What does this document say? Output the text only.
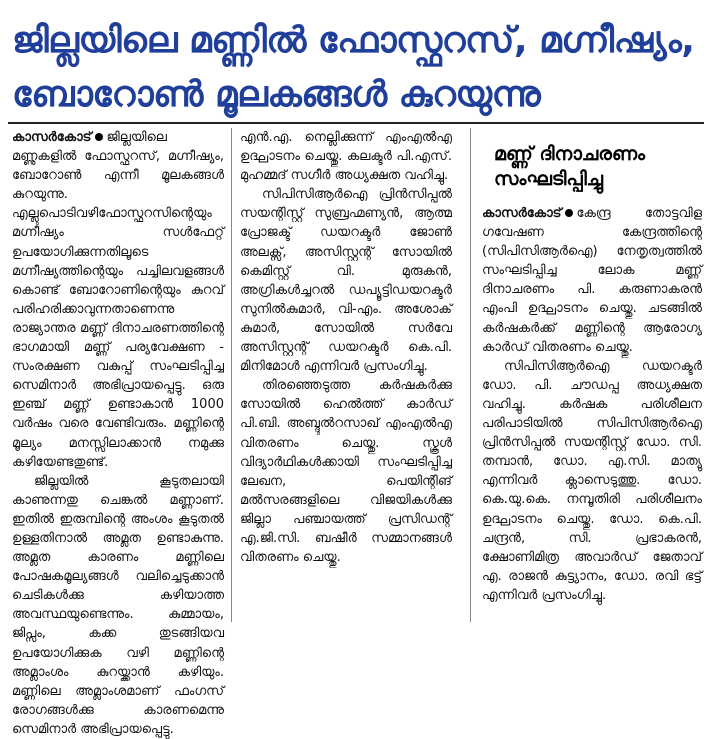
ജില്ലയിലെ മണ്ണിൽ ഫോസ്ഫറസ്, മഗ്നീഷ്യം,
ബോറോൺ മൂലകങ്ങൾ കുറയുന്നു

കാസർകോട് ജില്ലയിലെ മണ്ണുകളിൽ ഫോസ്ഫറസ്, മഗ്നീഷ്യം, ബോറോൺ എന്നീ മൂലകങ്ങൾ കുറയുന്നു. എല്ലുപൊടിവഴിഫോസ്ഫറസിന്റെയും മഗ്നീഷ്യം സൾഫേറ്റ് ഉപയോഗിക്കുന്നതിലൂടെ മഗ്നീഷ്യത്തിന്റെയും പച്ചിലവളങ്ങൾ കൊണ്ട് ബോറോണിന്റെയും കുറവ് പരിഹരിക്കാവുന്നതാണെന്നു രാജ്യാന്തര മണ്ണ് ദിനാചരണത്തിന്റെ ഭാഗമായി മണ്ണ് പര്യവേക്ഷണ - സംരക്ഷണ വകുപ്പ് സംഘടിപ്പിച്ച സെമിനാർ അഭിപ്രായപ്പെട്ടു. ഒരു ഇഞ്ച് മണ്ണ് ഉണ്ടാകാൻ 1000 വർഷം വരെ വേണ്ടിവരും. മണ്ണിന്റെ മൂല്യം മനസ്സിലാക്കാൻ നമുക്കു കഴിയേണ്ടതുണ്ട്.

ജില്ലയിൽ കൂടുതലായി കാണുന്നതു ചെങ്കൽ മണ്ണാണ്. ഇതിൽ ഇരുമ്പിന്റെ അംശം കൂടുതൽ ഉള്ളതിനാൽ അമ്ലത ഉണ്ടാകുന്നു. അമ്ലത കാരണം മണ്ണിലെ പോഷകമൂല്യങ്ങൾ വലിച്ചെടുക്കാൻ ചെടികൾക്കു കഴിയാത്ത അവസ്ഥയുണ്ടെന്നും. കുമ്മായം, ജിപ്സം, കക്ക തുടങ്ങിയവ ഉപയോഗിക്കുക വഴി മണ്ണിന്റെ അമ്ലാംശം കുറയ്ക്കാൻ കഴിയും. മണ്ണിലെ അമ്ലാംശമാണ് ഫംഗസ് രോഗങ്ങൾക്കു കാരണമെന്നു സെമിനാർ അഭിപ്രായപ്പെട്ടു.

എൻ.എ. നെല്ലിക്കുന്ന് എംഎൽഎ ഉദ്ഘാടനം ചെയ്തു. കലക്ടർ പി.എസ്. മുഹമ്മദ് സഗീർ അധ്യക്ഷത വഹിച്ചു.

സിപിസിആർഐ പ്രിൻസിപ്പൽ സയന്റിസ്റ്റ് സുബ്രഹ്മണ്യൻ, ആത്മ പ്രോജക്ട് ഡയറക്ടർ ജോൺ അലക്സ്, അസിസ്റ്റന്റ് സോയിൽ കെമിസ്റ്റ് വി. മുരുകൻ, അഗ്രികൾച്ചറൽ ഡപ്യൂട്ടിഡയറക്ടർ സുനിൽകുമാർ, വി-എം. അശോക് കുമാർ, സോയിൽ സർവേ അസിസ്റ്റന്റ് ഡയറക്ടർ കെ.പി. മിനിമോൾ എന്നിവർ പ്രസംഗിച്ചു.

തിരഞ്ഞെടുത്ത കർഷകർക്കു സോയിൽ ഹെൽത്ത് കാർഡ് പി.ബി. അബ്ദുൽറസാഖ് എംഎൽഎ വിതരണം ചെയ്തു. സ്കൂൾ വിദ്യാർഥികൾക്കായി സംഘടിപ്പിച്ച ലേഖന, പെയിന്റിങ് മൽസരങ്ങളിലെ വിജയികൾക്കു ജില്ലാ പഞ്ചായത്ത് പ്രസിഡന്റ് എ.ജി.സി. ബഷീർ സമ്മാനങ്ങൾ വിതരണം ചെയ്തു.

മണ്ണ് ദിനാചരണം
സംഘടിപ്പിച്ചു

കാസർകോട് കേന്ദ്ര തോട്ടവിള ഗവേഷണ കേന്ദ്രത്തിന്റെ (സിപിസിആർഐ) നേതൃത്വത്തിൽ സംഘടിപ്പിച്ച ലോക മണ്ണ് ദിനാചരണം പി. കരുണാകരൻ എംപി ഉദ്ഘാടനം ചെയ്തു. ചടങ്ങിൽ കർഷകർക്ക് മണ്ണിന്റെ ആരോഗ്യ കാർഡ് വിതരണം ചെയ്തു.

സിപിസിആർഐ ഡയറക്ടർ ഡോ. പി. ചൗഡപ്പ അധ്യക്ഷത വഹിച്ചു. കർഷക പരിശീലന പരിപാടിയിൽ സിപിസിആർഐ പ്രിൻസിപ്പൽ സയന്റിസ്റ്റ് ഡോ. സി. തമ്പാൻ, ഡോ. എ.സി. മാത്യു എന്നിവർ ക്ലാസെടുത്തു. ഡോ. കെ.യു.കെ. നമ്പൂതിരി പരിശീലനം ഉദ്ഘാടനം ചെയ്തു. ഡോ. കെ.പി. ചന്ദ്രൻ, സി. പ്രഭാകരൻ, ക്ഷോണിമിത്ര അവാർഡ് ജേതാവ് എ. രാജൻ കുട്ട്യാനം, ഡോ. രവി ഭട്ട് എന്നിവർ പ്രസംഗിച്ചു.
